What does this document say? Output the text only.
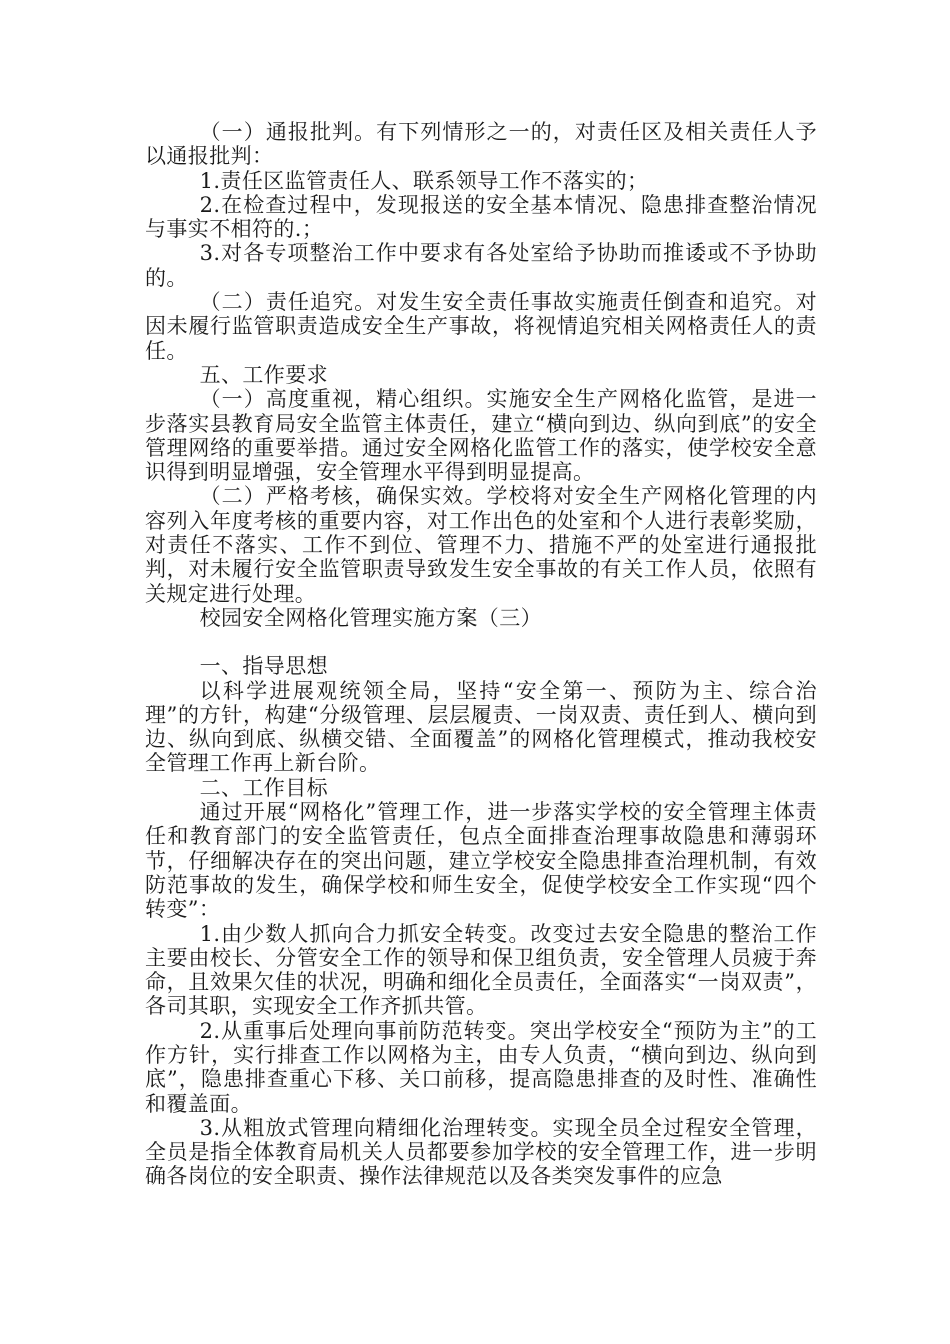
（一）通报批判。有下列情形之一的，对责任区及相关责任人予以通报批判：

1.责任区监管责任人、联系领导工作不落实的；

2.在检查过程中，发现报送的安全基本情况、隐患排查整治情况与事实不相符的.；

3.对各专项整治工作中要求有各处室给予协助而推诿或不予协助的。

（二）责任追究。对发生安全责任事故实施责任倒查和追究。对因未履行监管职责造成安全生产事故，将视情追究相关网格责任人的责任。

五、工作要求

（一）高度重视，精心组织。实施安全生产网格化监管，是进一步落实县教育局安全监管主体责任，建立“横向到边、纵向到底”的安全管理网络的重要举措。通过安全网格化监管工作的落实，使学校安全意识得到明显增强，安全管理水平得到明显提高。

（二）严格考核，确保实效。学校将对安全生产网格化管理的内容列入年度考核的重要内容，对工作出色的处室和个人进行表彰奖励，对责任不落实、工作不到位、管理不力、措施不严的处室进行通报批判，对未履行安全监管职责导致发生安全事故的有关工作人员，依照有关规定进行处理。

校园安全网格化管理实施方案（三）

一、指导思想

以科学进展观统领全局，坚持“安全第一、预防为主、综合治理”的方针，构建“分级管理、层层履责、一岗双责、责任到人、横向到边、纵向到底、纵横交错、全面覆盖”的网格化管理模式，推动我校安全管理工作再上新台阶。

二、工作目标

通过开展“网格化”管理工作，进一步落实学校的安全管理主体责任和教育部门的安全监管责任，包点全面排查治理事故隐患和薄弱环节，仔细解决存在的突出问题，建立学校安全隐患排查治理机制，有效防范事故的发生，确保学校和师生安全，促使学校安全工作实现“四个转变”：

1.由少数人抓向合力抓安全转变。改变过去安全隐患的整治工作主要由校长、分管安全工作的领导和保卫组负责，安全管理人员疲于奔命，且效果欠佳的状况，明确和细化全员责任，全面落实“一岗双责”，各司其职，实现安全工作齐抓共管。

2.从重事后处理向事前防范转变。突出学校安全“预防为主”的工作方针，实行排查工作以网格为主，由专人负责，“横向到边、纵向到底”，隐患排查重心下移、关口前移，提高隐患排查的及时性、准确性和覆盖面。

3.从粗放式管理向精细化治理转变。实现全员全过程安全管理，全员是指全体教育局机关人员都要参加学校的安全管理工作，进一步明确各岗位的安全职责、操作法律规范以及各类突发事件的应急
